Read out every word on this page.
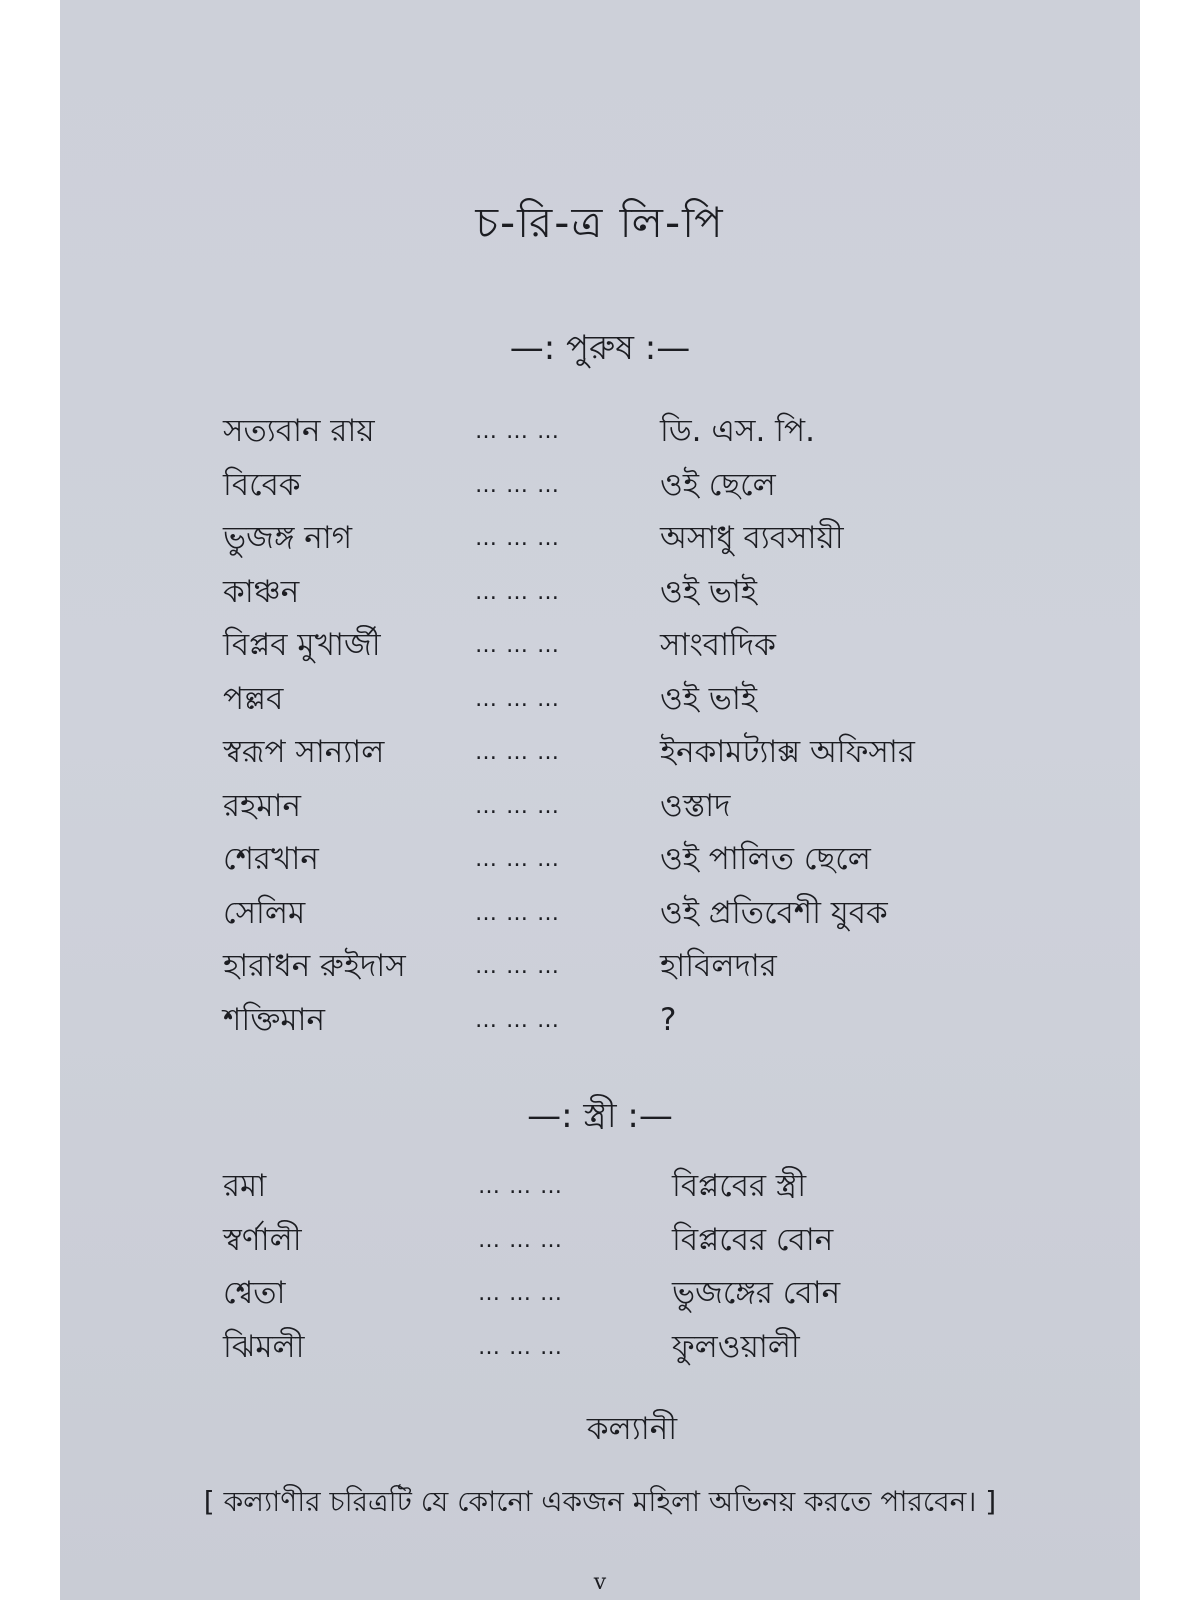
চ-রি-ত্র লি-পি
—: পুরুষ :—
সত্যবান রায়	… … …	ডি. এস. পি.
বিবেক	… … …	ওই ছেলে
ভুজঙ্গ নাগ	… … …	অসাধু ব্যবসায়ী
কাঞ্চন	… … …	ওই ভাই
বিপ্লব মুখার্জী	… … …	সাংবাদিক
পল্লব	… … …	ওই ভাই
স্বরূপ সান্যাল	… … …	ইনকামট্যাক্স অফিসার
রহমান	… … …	ওস্তাদ
শেরখান	… … …	ওই পালিত ছেলে
সেলিম	… … …	ওই প্রতিবেশী যুবক
হারাধন রুইদাস	… … …	হাবিলদার
শক্তিমান	… … …	?
—: স্ত্রী :—
রমা	… … …	বিপ্লবের স্ত্রী
স্বর্ণালী	… … …	বিপ্লবের বোন
শ্বেতা	… … …	ভুজঙ্গের বোন
ঝিমলী	… … …	ফুলওয়ালী
কল্যানী
[ কল্যাণীর চরিত্রটি যে কোনো একজন মহিলা অভিনয় করতে পারবেন। ]
v
